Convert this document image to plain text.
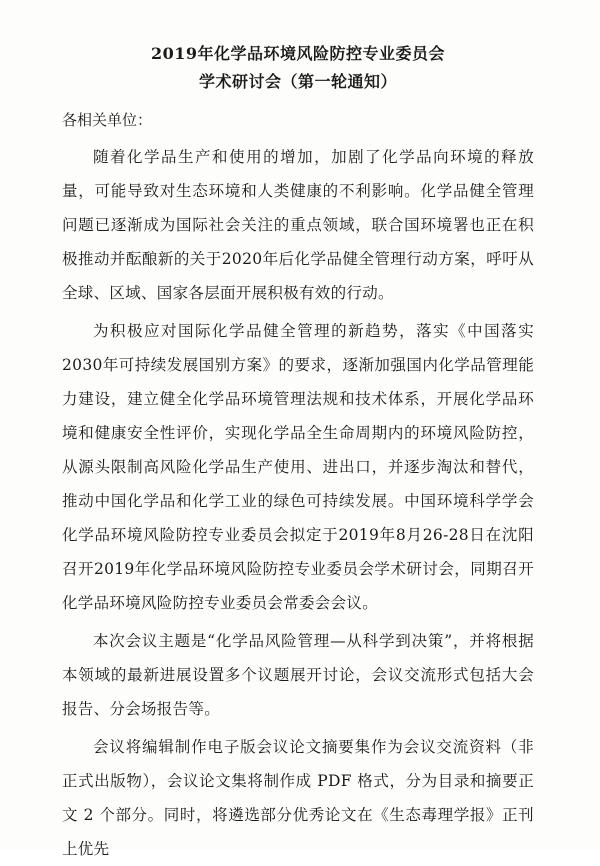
2019年化学品环境风险防控专业委员会
学术研讨会（第一轮通知）

各相关单位：

随着化学品生产和使用的增加，加剧了化学品向环境的释放量，可能导致对生态环境和人类健康的不利影响。化学品健全管理问题已逐渐成为国际社会关注的重点领域，联合国环境署也正在积极推动并酝酿新的关于2020年后化学品健全管理行动方案，呼吁从全球、区域、国家各层面开展积极有效的行动。

为积极应对国际化学品健全管理的新趋势，落实《中国落实2030年可持续发展国别方案》的要求，逐渐加强国内化学品管理能力建设，建立健全化学品环境管理法规和技术体系，开展化学品环境和健康安全性评价，实现化学品全生命周期内的环境风险防控，从源头限制高风险化学品生产使用、进出口，并逐步淘汰和替代，推动中国化学品和化学工业的绿色可持续发展。中国环境科学学会化学品环境风险防控专业委员会拟定于2019年8月26-28日在沈阳召开2019年化学品环境风险防控专业委员会学术研讨会，同期召开化学品环境风险防控专业委员会常委会会议。

本次会议主题是“化学品风险管理—从科学到决策”，并将根据本领域的最新进展设置多个议题展开讨论，会议交流形式包括大会报告、分会场报告等。

会议将编辑制作电子版会议论文摘要集作为会议交流资料（非正式出版物），会议论文集将制作成 PDF 格式，分为目录和摘要正文 2 个部分。同时，将遴选部分优秀论文在《生态毒理学报》正刊上优先
